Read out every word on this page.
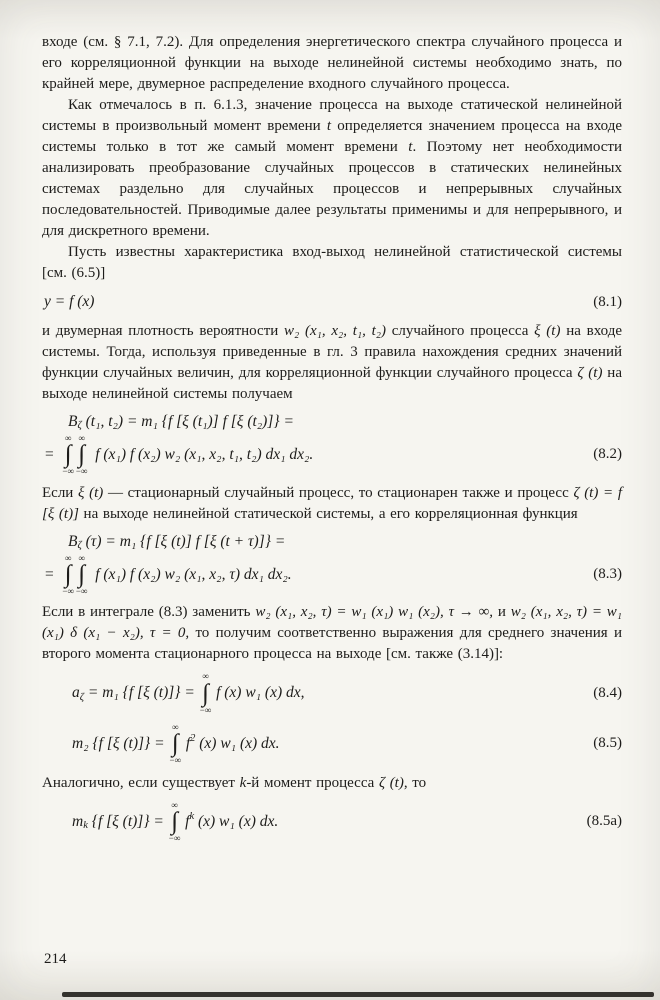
входе (см. § 7.1, 7.2). Для определения энергетического спектра случайного процесса и его корреляционной функции на выходе нелинейной системы необходимо знать, по крайней мере, двумерное распределение входного случайного процесса.

Как отмечалось в п. 6.1.3, значение процесса на выходе статической нелинейной системы в произвольный момент времени t определяется значением процесса на входе системы только в тот же самый момент времени t. Поэтому нет необходимости анализировать преобразование случайных процессов в статических нелинейных системах раздельно для случайных процессов и непрерывных случайных последовательностей. Приводимые далее результаты применимы и для непрерывного, и для дискретного времени.

Пусть известны характеристика вход-выход нелинейной статистической системы [см. (6.5)]

y = f (x)	(8.1)

и двумерная плотность вероятности w₂ (x₁, x₂, t₁, t₂) случайного процесса ξ (t) на входе системы. Тогда, используя приведенные в гл. 3 правила нахождения средних значений функции случайных величин, для корреляционной функции случайного процесса ζ (t) на выходе нелинейной системы получаем

B ζ (t₁, t₂) = m₁ {f [ξ (t₁)] f [ξ (t₂)]} =
=
∞
∫
−∞
∞
∫
−∞
f (x₁) f (x₂) w₂ (x₁, x₂, t₁, t₂) dx₁ dx₂.	(8.2)

Если ξ (t) — стационарный случайный процесс, то стационарен также и процесс ζ (t) = f [ξ (t)] на выходе нелинейной статической системы, а его корреляционная функция

B ζ (τ) = m₁ {f [ξ (t)] f [ξ (t + τ)]} =
=
∞
∫
−∞
∞
∫
−∞
f (x₁) f (x₂) w₂ (x₁, x₂, τ) dx₁ dx₂.	(8.3)

Если в интеграле (8.3) заменить w₂ (x₁, x₂, τ) = w₁ (x₁) w₁ (x₂), τ → ∞, и w₂ (x₁, x₂, τ) = w₁ (x₁) δ (x₁ − x₂), τ = 0, то получим соответственно выражения для среднего значения и второго момента стационарного процесса на выходе [см. также (3.14)]:

a ζ = m₁ {f [ξ (t)]} =
∞
∫
−∞
f (x) w₁ (x) dx,	(8.4)
m₂ {f [ξ (t)]} =
∞
∫
−∞
f 2 (x) w₁ (x) dx.	(8.5)

Аналогично, если существует k-й момент процесса ζ (t), то

m k {f [ξ (t)]} =
∞
∫
−∞
f k (x) w₁ (x) dx.	(8.5a)
214
